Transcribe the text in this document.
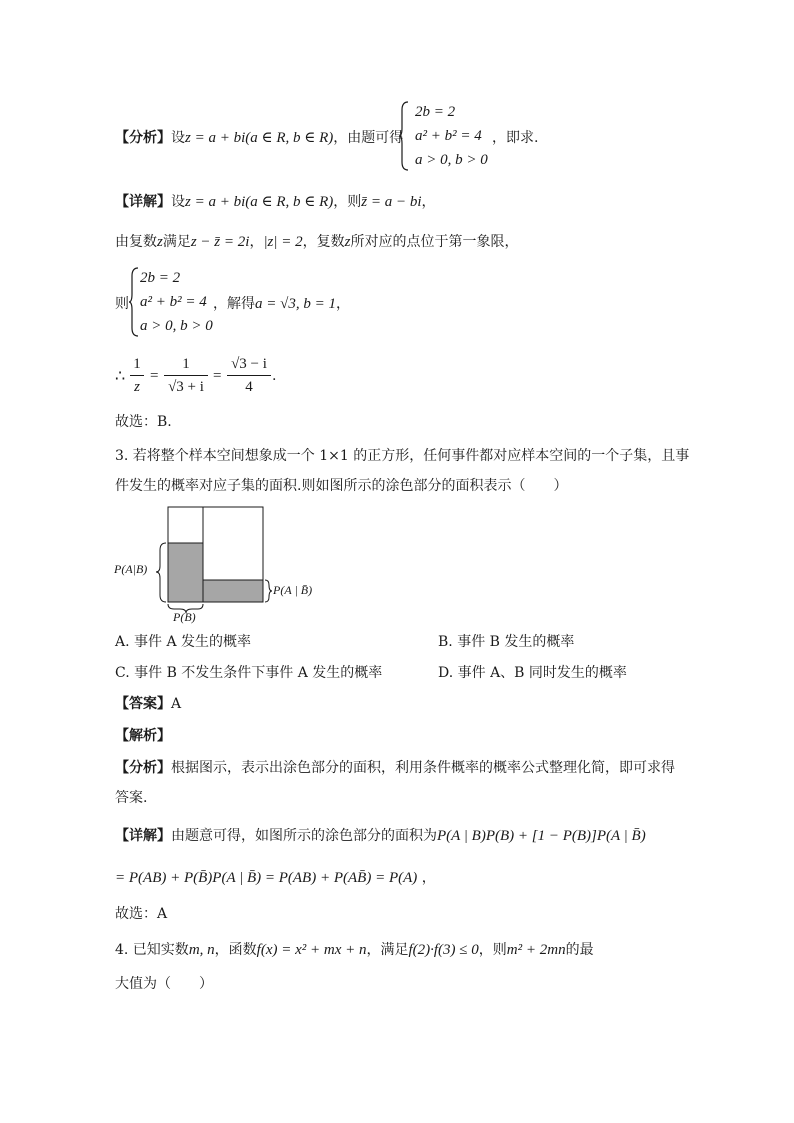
【分析】设z = a + bi(a ∈ R, b ∈ R)，由题可得
2b = 2
a² + b² = 4
a > 0, b > 0
，即求.
【详解】设z = a + bi(a ∈ R, b ∈ R)，则z̄ = a − bi，
由复数z满足z − z̄ = 2i，|z| = 2，复数z所对应的点位于第一象限，
则
2b = 2
a² + b² = 4
a > 0, b > 0
，解得a = √3, b = 1，
∴
1
z
=
1
√3 + i
=
√3 − i
4
.
故选：B.
3. 若将整个样本空间想象成一个 1×1 的正方形，任何事件都对应样本空间的一个子集，且事
件发生的概率对应子集的面积.则如图所示的涂色部分的面积表示（　　）
P(A|B)
P(B)
P(A | B̄)
A. 事件 A 发生的概率	B. 事件 B 发生的概率
C. 事件 B 不发生条件下事件 A 发生的概率	D. 事件 A、B 同时发生的概率
【答案】A
【解析】
【分析】根据图示，表示出涂色部分的面积，利用条件概率的概率公式整理化简，即可求得
答案.
【详解】由题意可得，如图所示的涂色部分的面积为P(A | B)P(B) + [1 − P(B)]P(A | B̄)
= P(AB) + P(B̄)P(A | B̄) = P(AB) + P(AB̄) = P(A) ，
故选：A
4. 已知实数m, n，函数f(x) = x² + mx + n，满足f(2)·f(3) ≤ 0，则m² + 2mn的最
大值为（　　）
